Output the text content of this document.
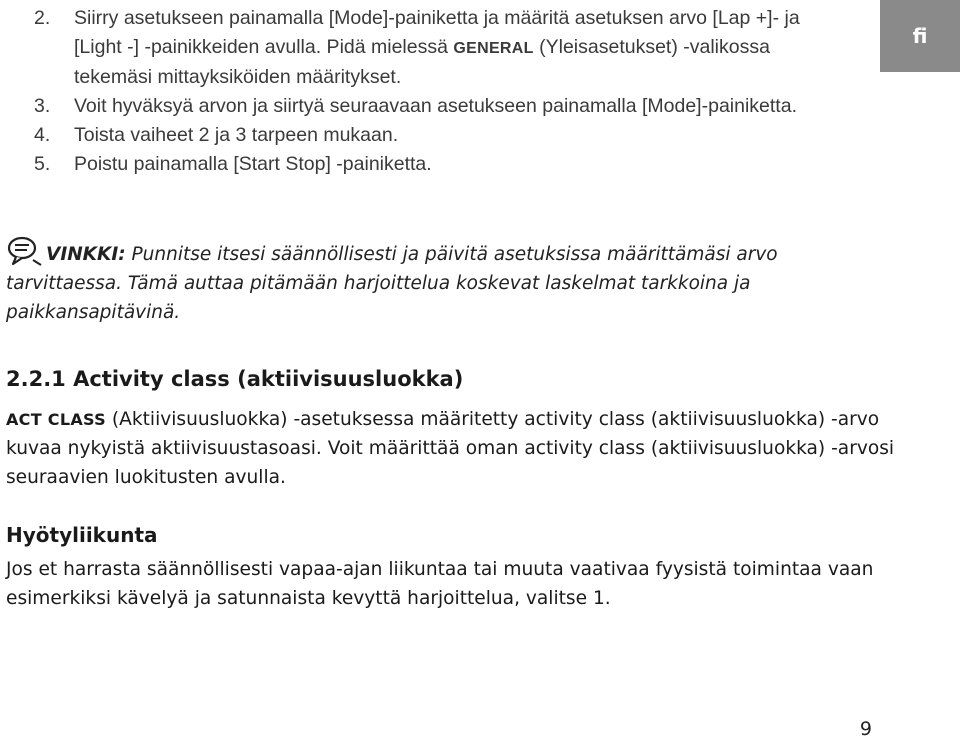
fi
2.	Siirry asetukseen painamalla [Mode]-painiketta ja määritä asetuksen arvo [Lap +]- ja [Light -] -painikkeiden avulla. Pidä mielessä GENERAL (Yleisasetukset) -valikossa tekemäsi mittayksiköiden määritykset.
3.	Voit hyväksyä arvon ja siirtyä seuraavaan asetukseen painamalla [Mode]-painiketta.
4.	Toista vaiheet 2 ja 3 tarpeen mukaan.
5.	Poistu painamalla [Start Stop] -painiketta.
VINKKI: Punnitse itsesi säännöllisesti ja päivitä asetuksissa määrittämäsi arvo tarvittaessa. Tämä auttaa pitämään harjoittelua koskevat laskelmat tarkkoina ja paikkansapitävinä.
2.2.1 Activity class (aktiivisuusluokka)

ACT CLASS (Aktiivisuusluokka) -asetuksessa määritetty activity class (aktiivisuusluokka) -arvo kuvaa nykyistä aktiivisuustasoasi. Voit määrittää oman activity class (aktiivisuusluokka) -arvosi seuraavien luokitusten avulla.

Hyötyliikunta

Jos et harrasta säännöllisesti vapaa-ajan liikuntaa tai muuta vaativaa fyysistä toimintaa vaan esimerkiksi kävelyä ja satunnaista kevyttä harjoittelua, valitse 1.

9
